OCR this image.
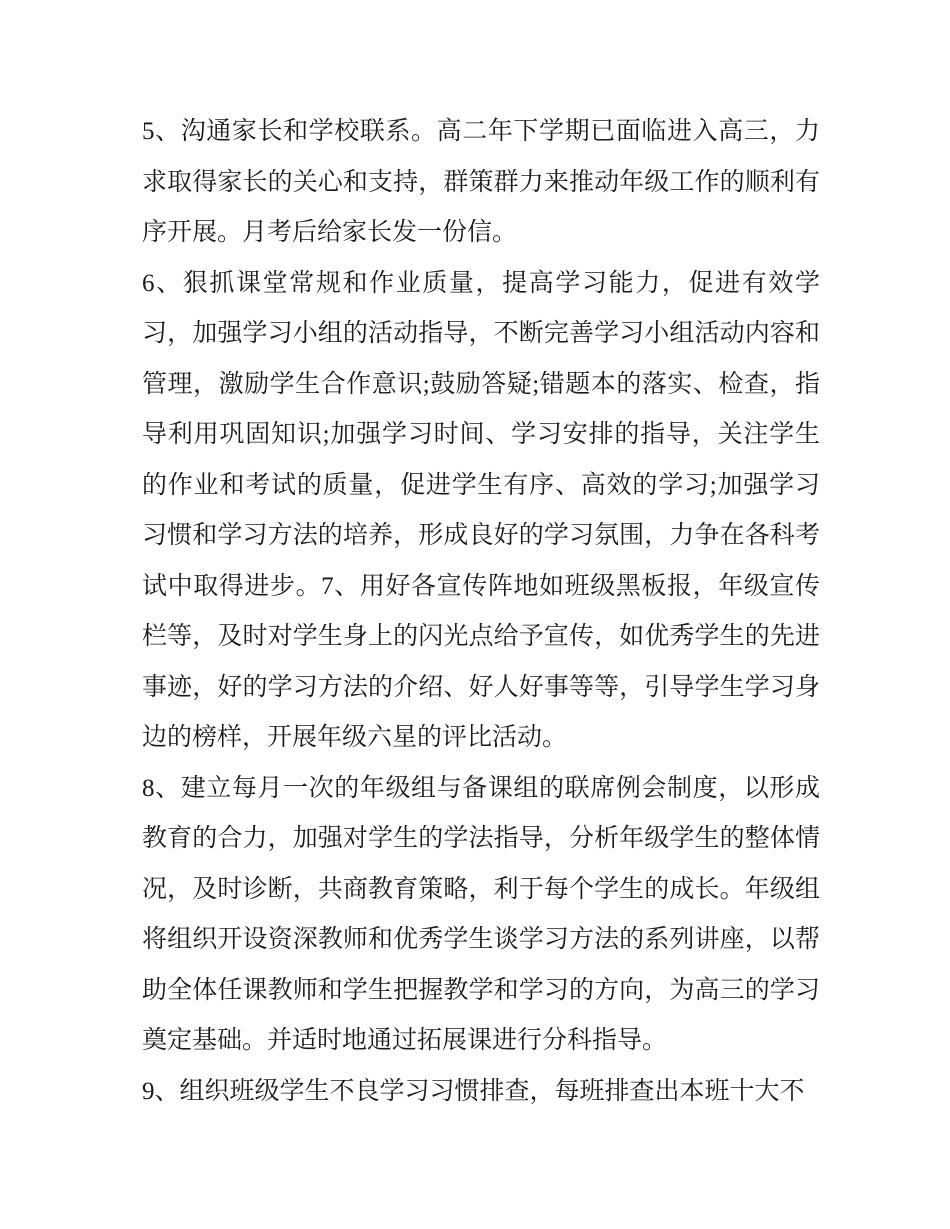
5、沟通家长和学校联系。高二年下学期已面临进入高三，力
求取得家长的关心和支持，群策群力来推动年级工作的顺利有
序开展。月考后给家长发一份信。
6、狠抓课堂常规和作业质量，提高学习能力，促进有效学
习，加强学习小组的活动指导，不断完善学习小组活动内容和
管理，激励学生合作意识;鼓励答疑;错题本的落实、检查，指
导利用巩固知识;加强学习时间、学习安排的指导，关注学生
的作业和考试的质量，促进学生有序、高效的学习;加强学习
习惯和学习方法的培养，形成良好的学习氛围，力争在各科考
试中取得进步。7、用好各宣传阵地如班级黑板报，年级宣传
栏等，及时对学生身上的闪光点给予宣传，如优秀学生的先进
事迹，好的学习方法的介绍、好人好事等等，引导学生学习身
边的榜样，开展年级六星的评比活动。
8、建立每月一次的年级组与备课组的联席例会制度，以形成
教育的合力，加强对学生的学法指导，分析年级学生的整体情
况，及时诊断，共商教育策略，利于每个学生的成长。年级组
将组织开设资深教师和优秀学生谈学习方法的系列讲座，以帮
助全体任课教师和学生把握教学和学习的方向，为高三的学习
奠定基础。并适时地通过拓展课进行分科指导。
9、组织班级学生不良学习习惯排查，每班排查出本班十大不
